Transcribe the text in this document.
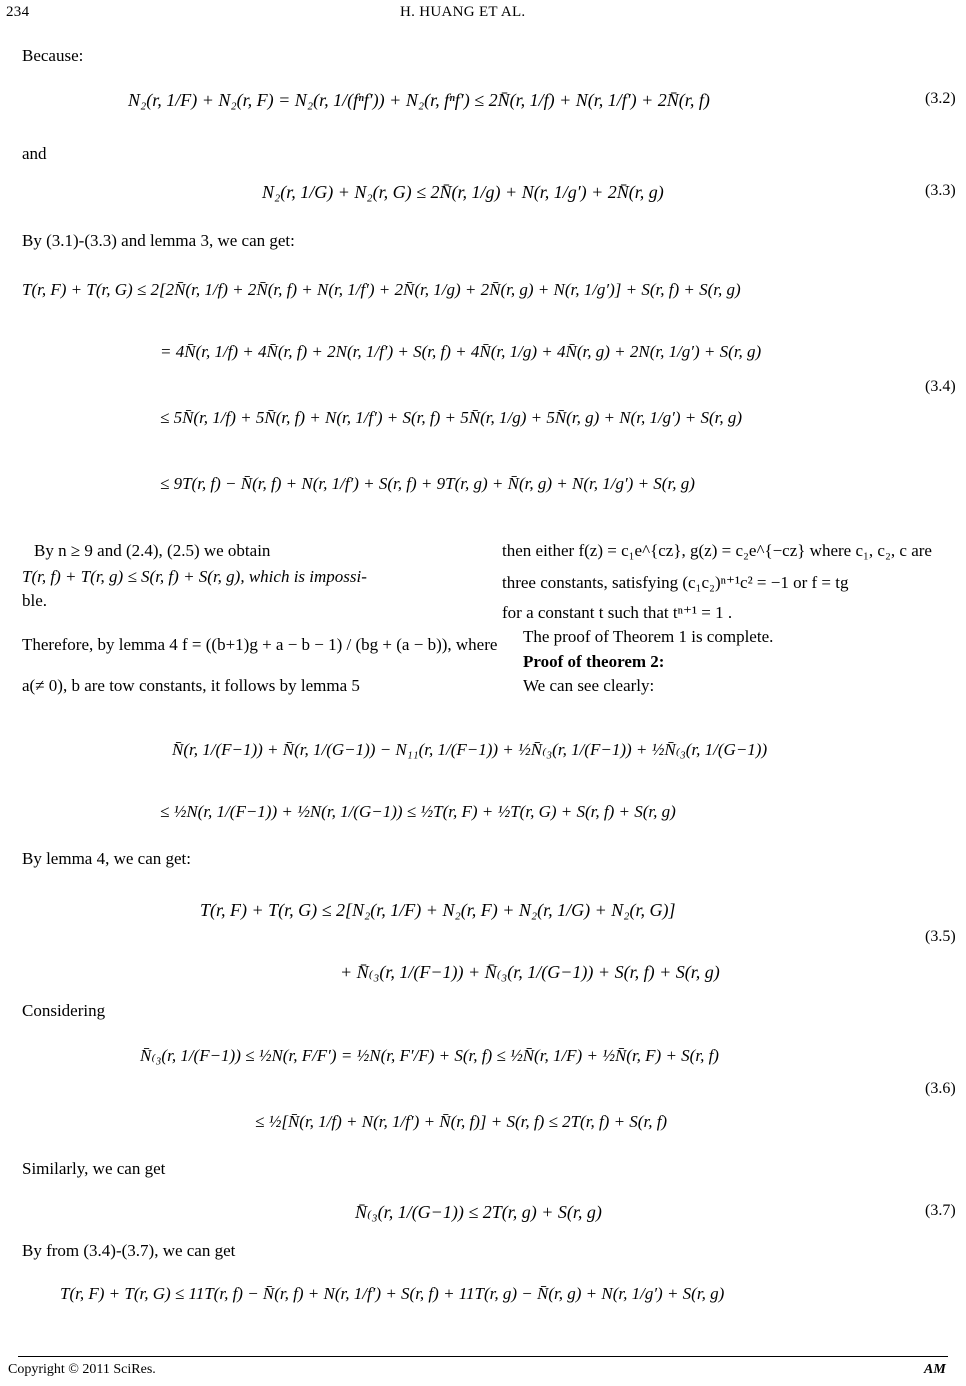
234	H. HUANG ET AL.
Because:
N₂(r, 1/F) + N₂(r, F) = N₂(r, 1/(fⁿf′)) + N₂(r, fⁿf′) ≤ 2N̄(r, 1/f) + N(r, 1/f′) + 2N̄(r, f)	(3.2)
and
N₂(r, 1/G) + N₂(r, G) ≤ 2N̄(r, 1/g) + N(r, 1/g′) + 2N̄(r, g)	(3.3)
By (3.1)-(3.3) and lemma 3, we can get:
T(r, F) + T(r, G) ≤ 2[2N̄(r, 1/f) + 2N̄(r, f) + N(r, 1/f′) + 2N̄(r, 1/g) + 2N̄(r, g) + N(r, 1/g′)] + S(r, f) + S(r, g)
= 4N̄(r, 1/f) + 4N̄(r, f) + 2N(r, 1/f′) + S(r, f) + 4N̄(r, 1/g) + 4N̄(r, g) + 2N(r, 1/g′) + S(r, g)
≤ 5N̄(r, 1/f) + 5N̄(r, f) + N(r, 1/f′) + S(r, f) + 5N̄(r, 1/g) + 5N̄(r, g) + N(r, 1/g′) + S(r, g)
≤ 9T(r, f) − N̄(r, f) + N(r, 1/f′) + S(r, f) + 9T(r, g) + N̄(r, g) + N(r, 1/g′) + S(r, g)
(3.4)
By n ≥ 9 and (2.4), (2.5) we obtain
T(r, f) + T(r, g) ≤ S(r, f) + S(r, g), which is impossi-
ble.
Therefore, by lemma 4 f = ((b+1)g + a − b − 1) / (bg + (a − b)), where
a(≠ 0), b are tow constants, it follows by lemma 5
then either f(z) = c₁e^{cz}, g(z) = c₂e^{−cz} where c₁, c₂, c are
three constants, satisfying (c₁c₂)ⁿ⁺¹c² = −1 or f = tg
for a constant t such that tⁿ⁺¹ = 1 .
The proof of Theorem 1 is complete.
Proof of theorem 2:
We can see clearly:
N̄(r, 1/(F−1)) + N̄(r, 1/(G−1)) − N₁₁(r, 1/(F−1)) + ½N̄₍₃(r, 1/(F−1)) + ½N̄₍₃(r, 1/(G−1))
≤ ½N(r, 1/(F−1)) + ½N(r, 1/(G−1)) ≤ ½T(r, F) + ½T(r, G) + S(r, f) + S(r, g)
By lemma 4, we can get:
T(r, F) + T(r, G) ≤ 2[N₂(r, 1/F) + N₂(r, F) + N₂(r, 1/G) + N₂(r, G)]
+ N̄₍₃(r, 1/(F−1)) + N̄₍₃(r, 1/(G−1)) + S(r, f) + S(r, g)
(3.5)
Considering
N̄₍₃(r, 1/(F−1)) ≤ ½N(r, F/F′) = ½N(r, F′/F) + S(r, f) ≤ ½N̄(r, 1/F) + ½N̄(r, F) + S(r, f)
≤ ½[N̄(r, 1/f) + N(r, 1/f′) + N̄(r, f)] + S(r, f) ≤ 2T(r, f) + S(r, f)
(3.6)
Similarly, we can get
N̄₍₃(r, 1/(G−1)) ≤ 2T(r, g) + S(r, g)	(3.7)
By from (3.4)-(3.7), we can get
T(r, F) + T(r, G) ≤ 11T(r, f) − N̄(r, f) + N(r, 1/f′) + S(r, f) + 11T(r, g) − N̄(r, g) + N(r, 1/g′) + S(r, g)
Copyright © 2011 SciRes.	AM
